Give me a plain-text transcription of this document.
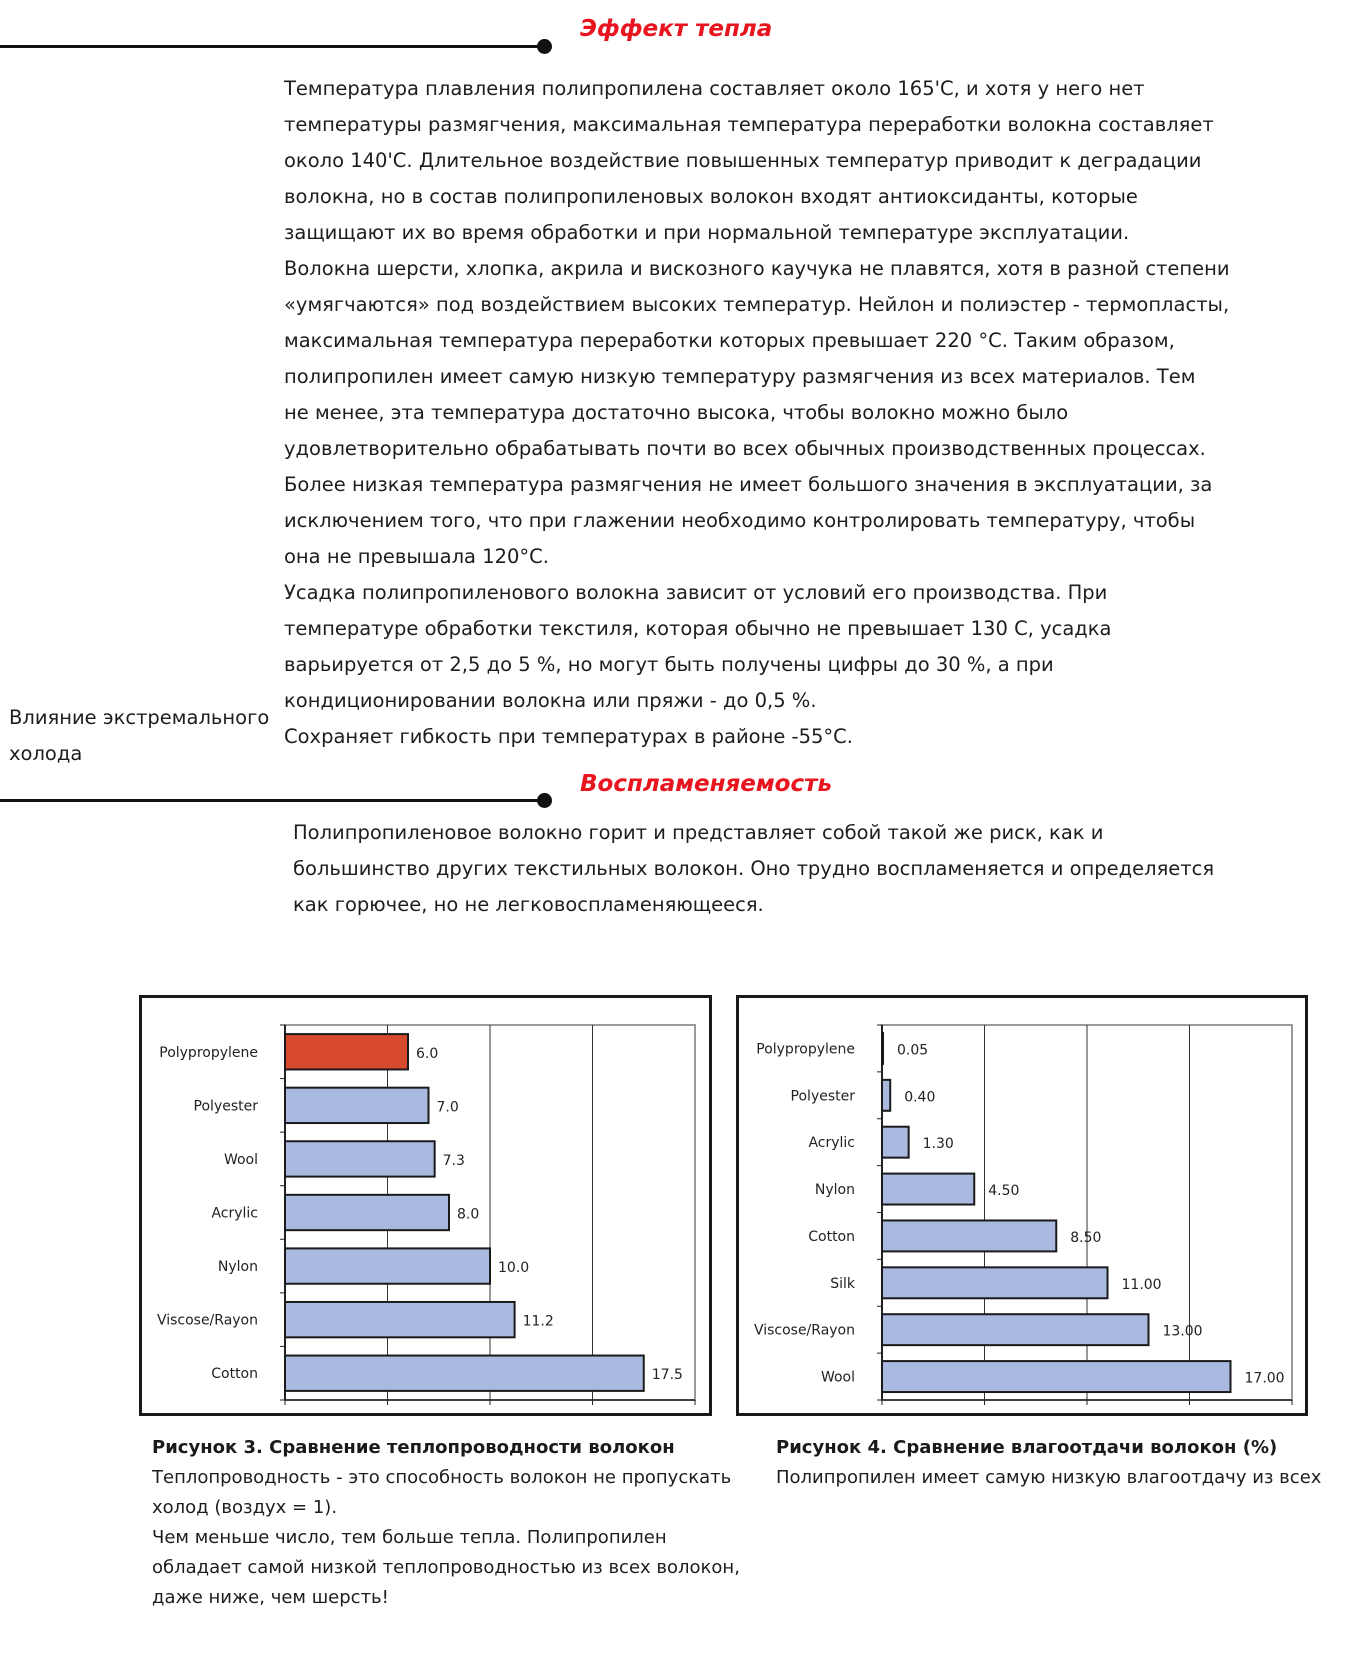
Эффект тепла

Температура плавления полипропилена составляет около 165'С, и хотя у него нет

температуры размягчения, максимальная температура переработки волокна составляет

около 140'С. Длительное воздействие повышенных температур приводит к деградации

волокна, но в состав полипропиленовых волокон входят антиоксиданты, которые

защищают их во время обработки и при нормальной температуре эксплуатации.

Волокна шерсти, хлопка, акрила и вискозного каучука не плавятся, хотя в разной степени

«умягчаются» под воздействием высоких температур. Нейлон и полиэстер - термопласты,

максимальная температура переработки которых превышает 220 °С. Таким образом,

полипропилен имеет самую низкую температуру размягчения из всех материалов. Тем

не менее, эта температура достаточно высока, чтобы волокно можно было

удовлетворительно обрабатывать почти во всех обычных производственных процессах.

Более низкая температура размягчения не имеет большого значения в эксплуатации, за

исключением того, что при глажении необходимо контролировать температуру, чтобы

она не превышала 120°С.

Усадка полипропиленового волокна зависит от условий его производства. При

температуре обработки текстиля, которая обычно не превышает 130 С, усадка

варьируется от 2,5 до 5 %, но могут быть получены цифры до 30 %, а при

кондиционировании волокна или пряжи - до 0,5 %.

Сохраняет гибкость при температурах в районе -55°С.

Влияние экстремального
холода
Воспламеняемость

Полипропиленовое волокно горит и представляет собой такой же риск, как и

большинство других текстильных волокон. Оно трудно воспламеняется и определяется

как горючее, но не легковоспламеняющееся.

Polypropylene	6.0
Polyester	7.0
Wool	7.3
Acrylic	8.0
Nylon	10.0
Viscose/Rayon	11.2
Cotton	17.5
Polypropylene	0.05
Polyester	0.40
Acrylic	1.30
Nylon	4.50
Cotton	8.50
Silk	11.00
Viscose/Rayon	13.00
Wool	17.00
Рисунок 3. Сравнение теплопроводности волокон
Теплопроводность - это способность волокон не пропускать
холод (воздух = 1).
Чем меньше число, тем больше тепла. Полипропилен
обладает самой низкой теплопроводностью из всех волокон,
даже ниже, чем шерсть!
Рисунок 4. Сравнение влагоотдачи волокон (%)
Полипропилен имеет самую низкую влагоотдачу из всех
